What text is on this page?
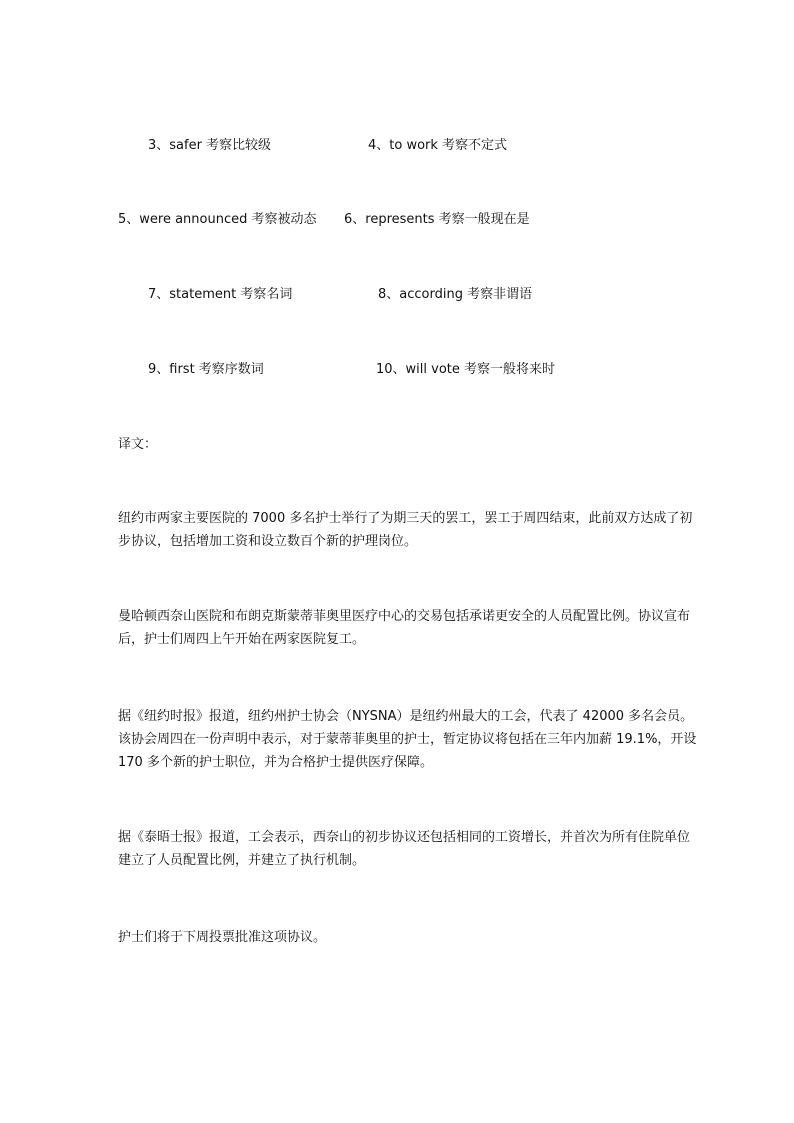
3、safer 考察比较级	4、to work 考察不定式
5、were announced 考察被动态 6、represents 考察一般现在是
7、statement 考察名词	8、according 考察非谓语
9、first 考察序数词	10、will vote 考察一般将来时
译文：

纽约市两家主要医院的 7000 多名护士举行了为期三天的罢工，罢工于周四结束，此前双方达成了初步协议，包括增加工资和设立数百个新的护理岗位。

曼哈顿西奈山医院和布朗克斯蒙蒂菲奥里医疗中心的交易包括承诺更安全的人员配置比例。协议宣布后，护士们周四上午开始在两家医院复工。

据《纽约时报》报道，纽约州护士协会（NYSNA）是纽约州最大的工会，代表了 42000 多名会员。该协会周四在一份声明中表示，对于蒙蒂菲奥里的护士，暂定协议将包括在三年内加薪 19.1%，开设 170 多个新的护士职位，并为合格护士提供医疗保障。

据《泰晤士报》报道，工会表示，西奈山的初步协议还包括相同的工资增长，并首次为所有住院单位建立了人员配置比例，并建立了执行机制。

护士们将于下周投票批准这项协议。
